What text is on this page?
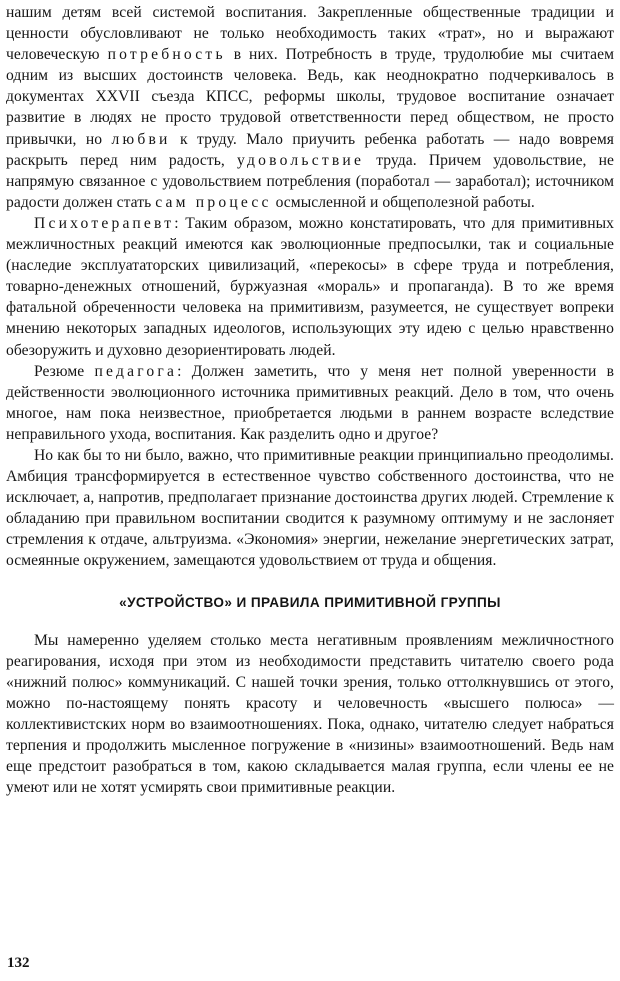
нашим детям всей системой воспитания. Закрепленные общественные традиции и ценности обусловливают не только необходимость таких «трат», но и выражают человеческую потребность в них. Потребность в труде, трудолюбие мы считаем одним из высших достоинств человека. Ведь, как неоднократно подчеркивалось в документах XXVII съезда КПСС, реформы школы, трудовое воспитание означает развитие в людях не просто трудовой ответственности перед обществом, не просто привычки, но любви к труду. Мало приучить ребенка работать — надо вовремя раскрыть перед ним радость, удовольствие труда. Причем удовольствие, не напрямую связанное с удовольствием потребления (поработал — заработал); источником радости должен стать сам процесс осмысленной и общеполезной работы.

Психотерапевт: Таким образом, можно констатировать, что для примитивных межличностных реакций имеются как эволюционные предпосылки, так и социальные (наследие эксплуататорских цивилизаций, «перекосы» в сфере труда и потребления, товарно-денежных отношений, буржуазная «мораль» и пропаганда). В то же время фатальной обреченности человека на примитивизм, разумеется, не существует вопреки мнению некоторых западных идеологов, использующих эту идею с целью нравственно обезоружить и духовно дезориентировать людей.

Резюме педагога: Должен заметить, что у меня нет полной уверенности в действенности эволюционного источника примитивных реакций. Дело в том, что очень многое, нам пока неизвестное, приобретается людьми в раннем возрасте вследствие неправильного ухода, воспитания. Как разделить одно и другое?

Но как бы то ни было, важно, что примитивные реакции принципиально преодолимы. Амбиция трансформируется в естественное чувство собственного достоинства, что не исключает, а, напротив, предполагает признание достоинства других людей. Стремление к обладанию при правильном воспитании сводится к разумному оптимуму и не заслоняет стремления к отдаче, альтруизма. «Экономия» энергии, нежелание энергетических затрат, осмеянные окружением, замещаются удовольствием от труда и общения.

«УСТРОЙСТВО» И ПРАВИЛА ПРИМИТИВНОЙ ГРУППЫ

Мы намеренно уделяем столько места негативным проявлениям межличностного реагирования, исходя при этом из необходимости представить читателю своего рода «нижний полюс» коммуникаций. С нашей точки зрения, только оттолкнувшись от этого, можно по-настоящему понять красоту и человечность «высшего полюса» — коллективистских норм во взаимоотношениях. Пока, однако, читателю следует набраться терпения и продолжить мысленное погружение в «низины» взаимоотношений. Ведь нам еще предстоит разобраться в том, какою складывается малая группа, если члены ее не умеют или не хотят усмирять свои примитивные реакции.

132
